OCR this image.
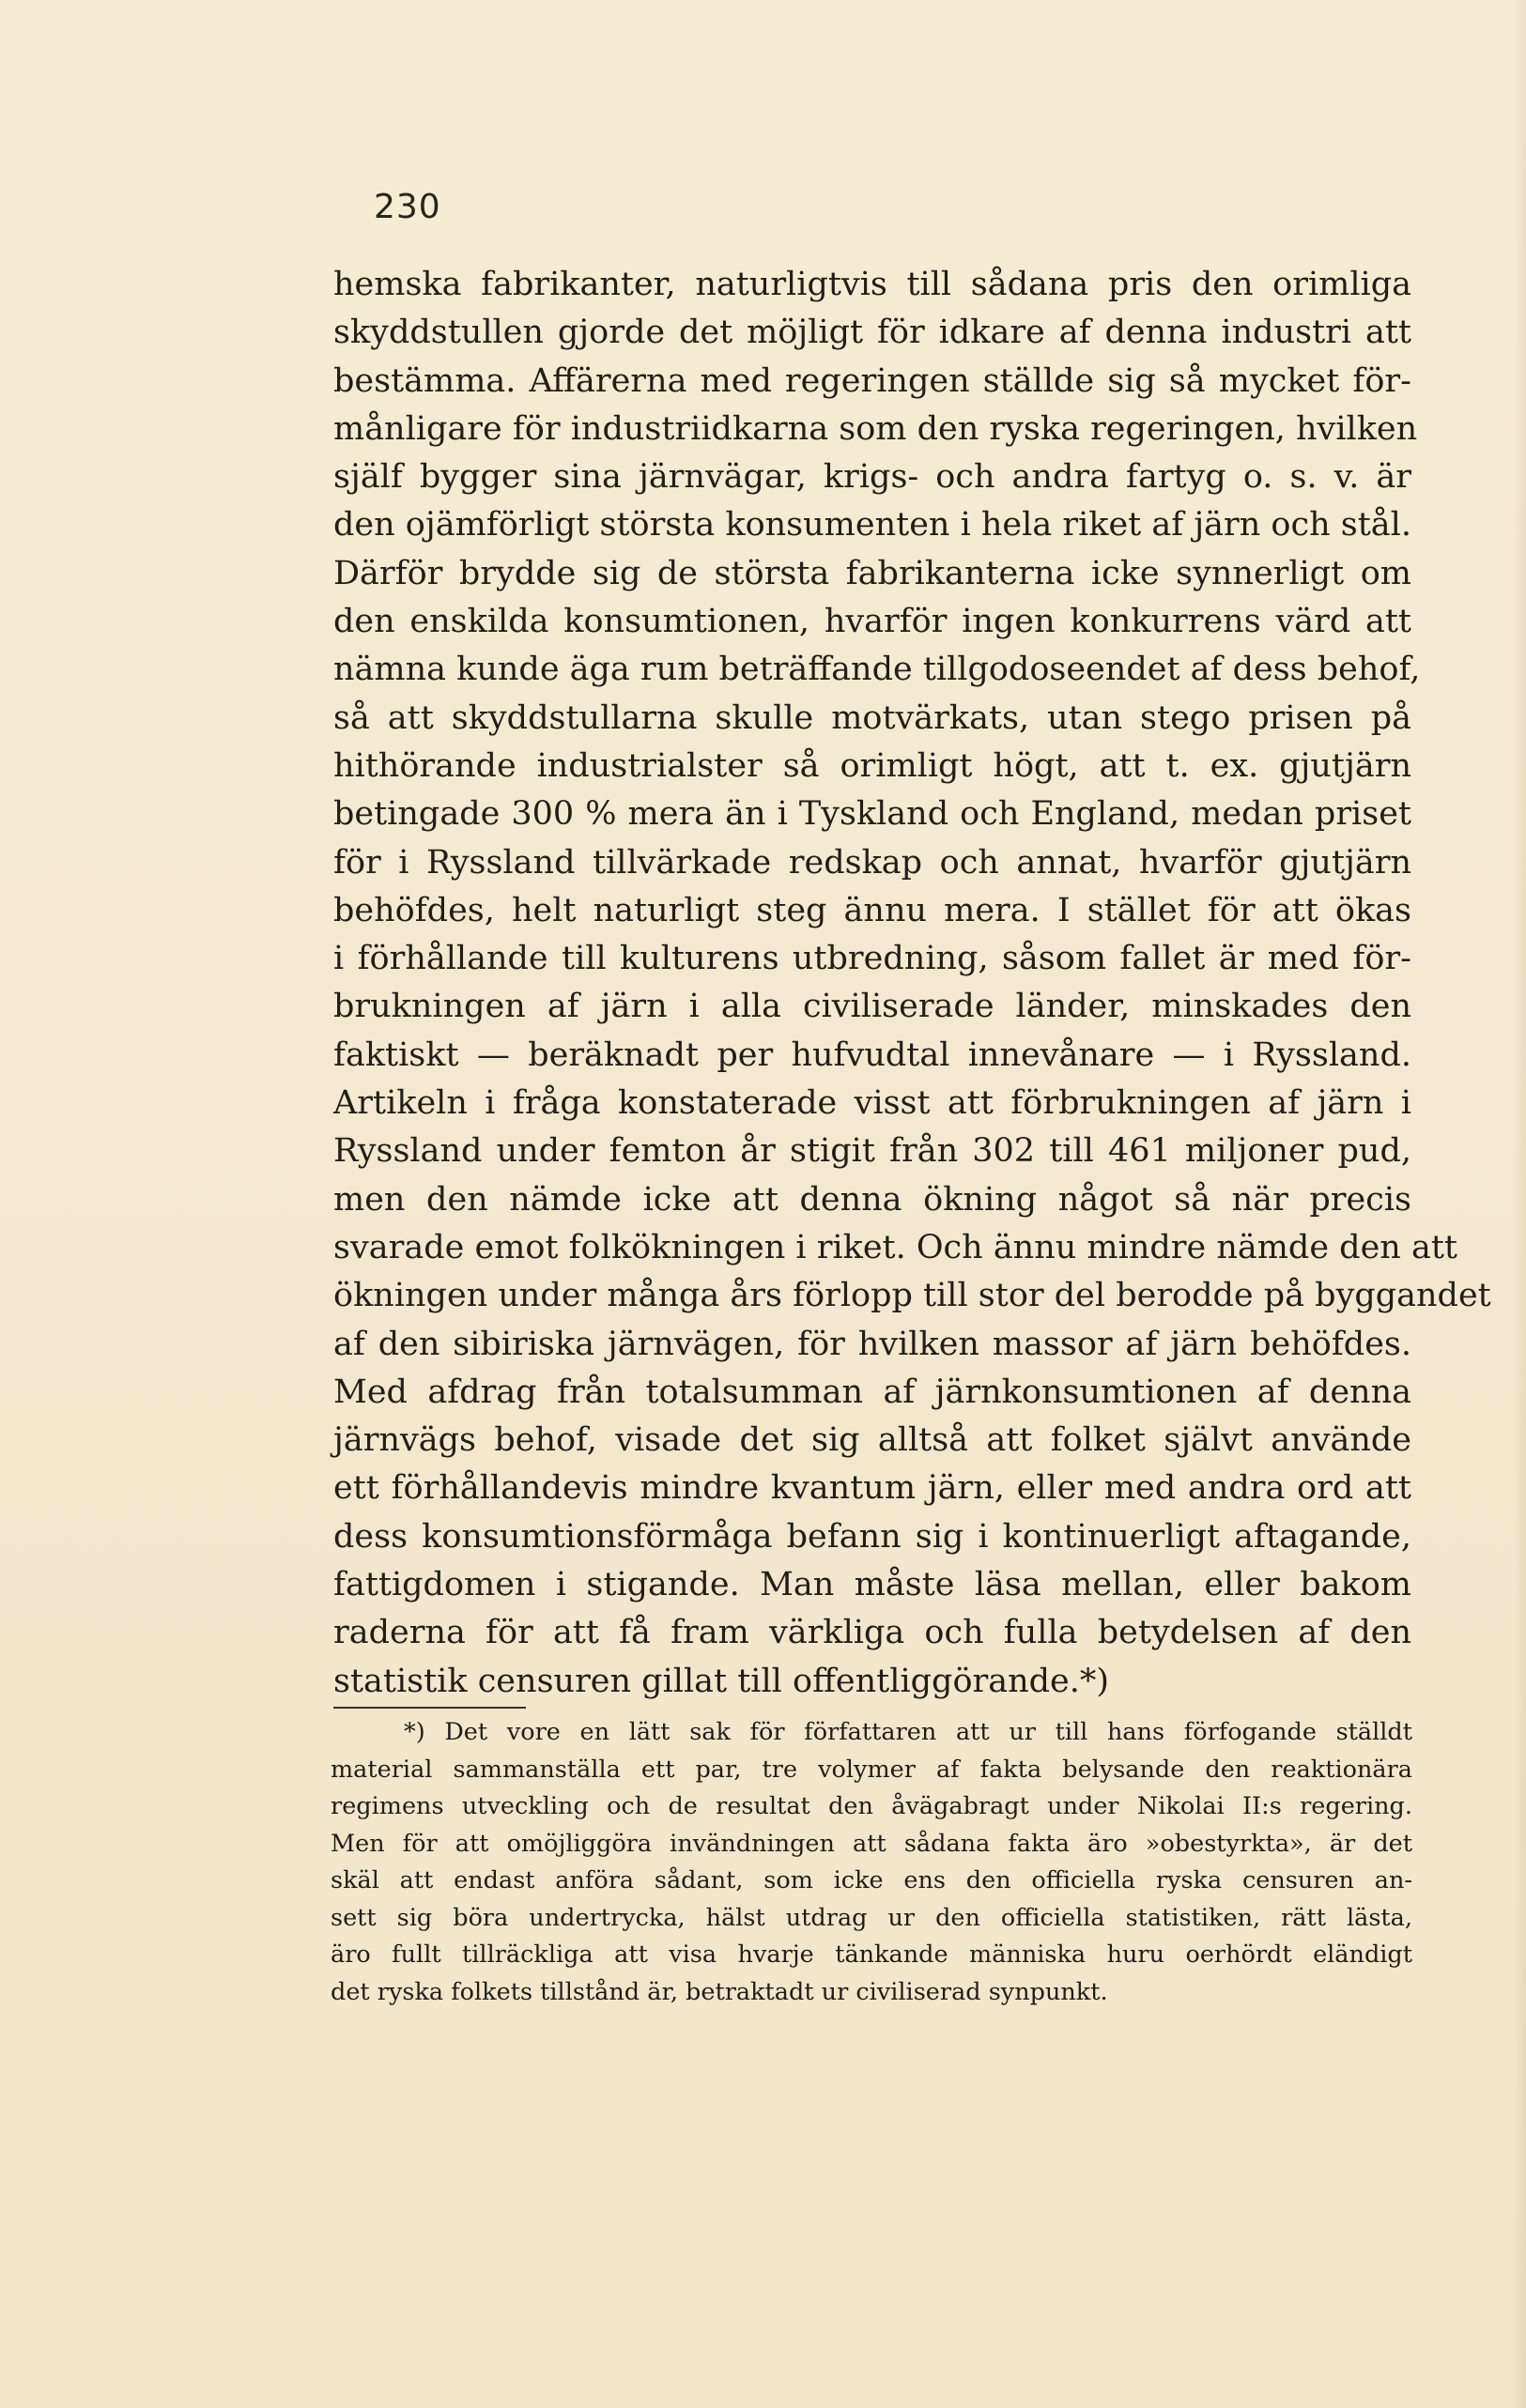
230
hemska fabrikanter, naturligtvis till sådana pris den orimliga
skyddstullen gjorde det möjligt för idkare af denna industri att
bestämma. Affärerna med regeringen ställde sig så mycket för-
månligare för industriidkarna som den ryska regeringen, hvilken
själf bygger sina järnvägar, krigs- och andra fartyg o. s. v. är
den ojämförligt största konsumenten i hela riket af järn och stål.
Därför brydde sig de största fabrikanterna icke synnerligt om
den enskilda konsumtionen, hvarför ingen konkurrens värd att
nämna kunde äga rum beträffande tillgodoseendet af dess behof,
så att skyddstullarna skulle motvärkats, utan stego prisen på
hithörande industrialster så orimligt högt, att t. ex. gjutjärn
betingade 300 % mera än i Tyskland och England, medan priset
för i Ryssland tillvärkade redskap och annat, hvarför gjutjärn
behöfdes, helt naturligt steg ännu mera. I stället för att ökas
i förhållande till kulturens utbredning, såsom fallet är med för-
brukningen af järn i alla civiliserade länder, minskades den
faktiskt — beräknadt per hufvudtal innevånare — i Ryssland.
Artikeln i fråga konstaterade visst att förbrukningen af järn i
Ryssland under femton år stigit från 302 till 461 miljoner pud,
men den nämde icke att denna ökning något så när precis
svarade emot folkökningen i riket. Och ännu mindre nämde den att
ökningen under många års förlopp till stor del berodde på byggandet
af den sibiriska järnvägen, för hvilken massor af järn behöfdes.
Med afdrag från totalsumman af järnkonsumtionen af denna
järnvägs behof, visade det sig alltså att folket självt använde
ett förhållandevis mindre kvantum järn, eller med andra ord att
dess konsumtionsförmåga befann sig i kontinuerligt aftagande,
fattigdomen i stigande. Man måste läsa mellan, eller bakom
raderna för att få fram värkliga och fulla betydelsen af den
statistik censuren gillat till offentliggörande.*)
*) Det vore en lätt sak för författaren att ur till hans förfogande ställdt
material sammanställa ett par, tre volymer af fakta belysande den reaktionära
regimens utveckling och de resultat den åvägabragt under Nikolai II:s regering.
Men för att omöjliggöra invändningen att sådana fakta äro »obestyrkta», är det
skäl att endast anföra sådant, som icke ens den officiella ryska censuren an-
sett sig böra undertrycka, hälst utdrag ur den officiella statistiken, rätt lästa,
äro fullt tillräckliga att visa hvarje tänkande människa huru oerhördt eländigt
det ryska folkets tillstånd är, betraktadt ur civiliserad synpunkt.
